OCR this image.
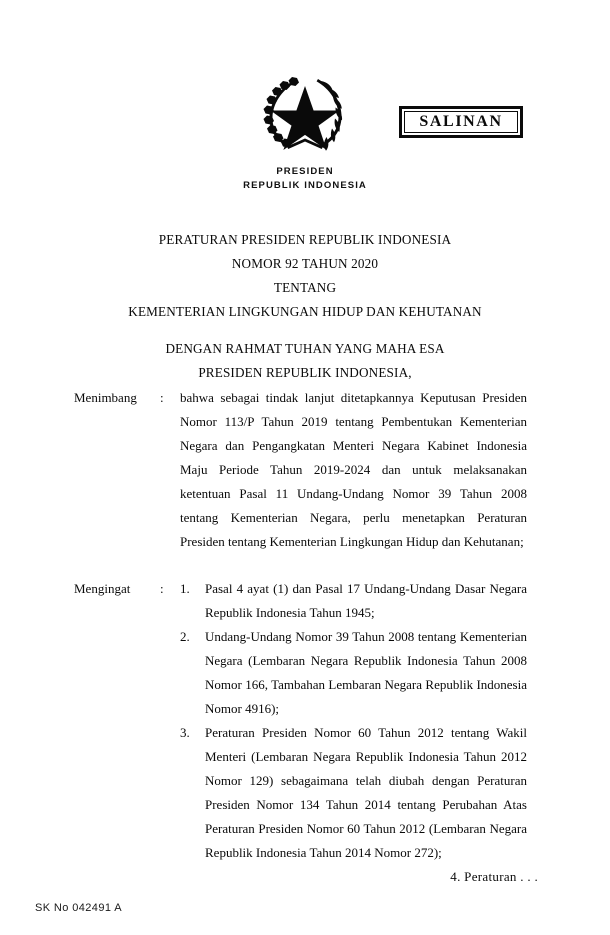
PRESIDEN
REPUBLIK INDONESIA
SALINAN
PERATURAN PRESIDEN REPUBLIK INDONESIA
NOMOR 92 TAHUN 2020
TENTANG
KEMENTERIAN LINGKUNGAN HIDUP DAN KEHUTANAN
DENGAN RAHMAT TUHAN YANG MAHA ESA
PRESIDEN REPUBLIK INDONESIA,
Menimbang	:	bahwa sebagai tindak lanjut ditetapkannya Keputusan Presiden Nomor 113/P Tahun 2019 tentang Pembentukan Kementerian Negara dan Pengangkatan Menteri Negara Kabinet Indonesia Maju Periode Tahun 2019-2024 dan untuk melaksanakan ketentuan Pasal 11 Undang-Undang Nomor 39 Tahun 2008 tentang Kementerian Negara, perlu menetapkan Peraturan Presiden tentang Kementerian Lingkungan Hidup dan Kehutanan;

Mengingat	:	1.	Pasal 4 ayat (1) dan Pasal 17 Undang-Undang Dasar Negara Republik Indonesia Tahun 1945;
2.	Undang-Undang Nomor 39 Tahun 2008 tentang Kementerian Negara (Lembaran Negara Republik Indonesia Tahun 2008 Nomor 166, Tambahan Lembaran Negara Republik Indonesia Nomor 4916);
3.	Peraturan Presiden Nomor 60 Tahun 2012 tentang Wakil Menteri (Lembaran Negara Republik Indonesia Tahun 2012 Nomor 129) sebagaimana telah diubah dengan Peraturan Presiden Nomor 134 Tahun 2014 tentang Perubahan Atas Peraturan Presiden Nomor 60 Tahun 2012 (Lembaran Negara Republik Indonesia Tahun 2014 Nomor 272);
4. Peraturan . . .
SK No 042491 A
